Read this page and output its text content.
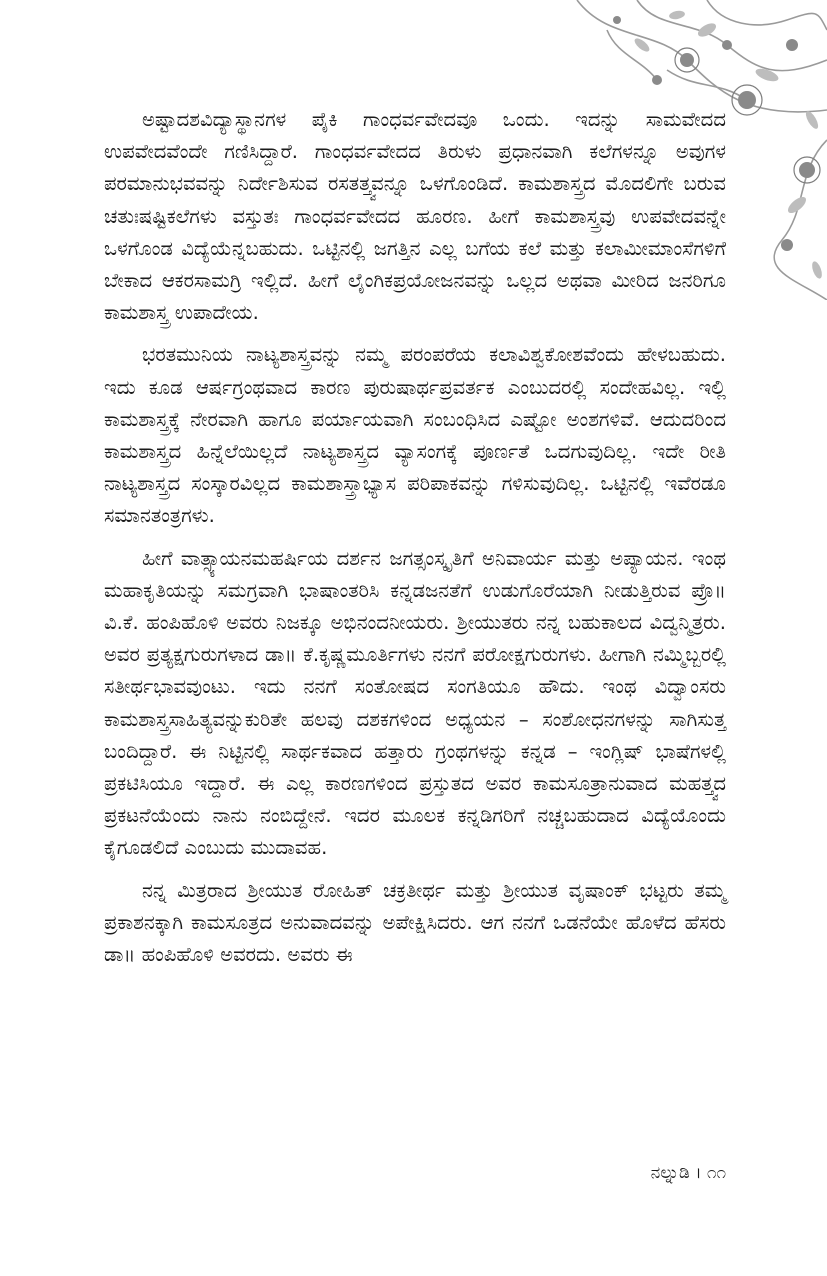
ಅಷ್ಟಾದಶವಿದ್ಯಾಸ್ಥಾನಗಳ ಪೈಕಿ ಗಾಂಧರ್ವವೇದವೂ ಒಂದು. ಇದನ್ನು ಸಾಮವೇದದ ಉಪವೇದವೆಂದೇ ಗಣಿಸಿದ್ದಾರೆ. ಗಾಂಧರ್ವವೇದದ ತಿರುಳು ಪ್ರಧಾನವಾಗಿ ಕಲೆಗಳನ್ನೂ ಅವುಗಳ ಪರಮಾನುಭವವನ್ನು ನಿರ್ದೇಶಿಸುವ ರಸತತ್ತ್ವವನ್ನೂ ಒಳಗೊಂಡಿದೆ. ಕಾಮಶಾಸ್ತ್ರದ ಮೊದಲಿಗೇ ಬರುವ ಚತುಃಷಷ್ಟಿಕಲೆಗಳು ವಸ್ತುತಃ ಗಾಂಧರ್ವವೇದದ ಹೂರಣ. ಹೀಗೆ ಕಾಮಶಾಸ್ತ್ರವು ಉಪವೇದವನ್ನೇ ಒಳಗೊಂಡ ವಿದ್ಯೆಯೆನ್ನಬಹುದು. ಒಟ್ಟಿನಲ್ಲಿ ಜಗತ್ತಿನ ಎಲ್ಲ ಬಗೆಯ ಕಲೆ ಮತ್ತು ಕಲಾಮೀಮಾಂಸೆಗಳಿಗೆ ಬೇಕಾದ ಆಕರಸಾಮಗ್ರಿ ಇಲ್ಲಿದೆ. ಹೀಗೆ ಲೈಂಗಿಕಪ್ರಯೋಜನವನ್ನು ಒಲ್ಲದ ಅಥವಾ ಮೀರಿದ ಜನರಿಗೂ ಕಾಮಶಾಸ್ತ್ರ ಉಪಾದೇಯ.

ಭರತಮುನಿಯ ನಾಟ್ಯಶಾಸ್ತ್ರವನ್ನು ನಮ್ಮ ಪರಂಪರೆಯ ಕಲಾವಿಶ್ವಕೋಶವೆಂದು ಹೇಳಬಹುದು. ಇದು ಕೂಡ ಆರ್ಷಗ್ರಂಥವಾದ ಕಾರಣ ಪುರುಷಾರ್ಥಪ್ರವರ್ತಕ ಎಂಬುದರಲ್ಲಿ ಸಂದೇಹವಿಲ್ಲ. ಇಲ್ಲಿ ಕಾಮಶಾಸ್ತ್ರಕ್ಕೆ ನೇರವಾಗಿ ಹಾಗೂ ಪರ್ಯಾಯವಾಗಿ ಸಂಬಂಧಿಸಿದ ಎಷ್ಟೋ ಅಂಶಗಳಿವೆ. ಆದುದರಿಂದ ಕಾಮಶಾಸ್ತ್ರದ ಹಿನ್ನೆಲೆಯಿಲ್ಲದೆ ನಾಟ್ಯಶಾಸ್ತ್ರದ ವ್ಯಾಸಂಗಕ್ಕೆ ಪೂರ್ಣತೆ ಒದಗುವುದಿಲ್ಲ. ಇದೇ ರೀತಿ ನಾಟ್ಯಶಾಸ್ತ್ರದ ಸಂಸ್ಕಾರವಿಲ್ಲದ ಕಾಮಶಾಸ್ತ್ರಾಭ್ಯಾಸ ಪರಿಪಾಕವನ್ನು ಗಳಿಸುವುದಿಲ್ಲ. ಒಟ್ಟಿನಲ್ಲಿ ಇವೆರಡೂ ಸಮಾನತಂತ್ರಗಳು.

ಹೀಗೆ ವಾತ್ಸ್ಯಾಯನಮಹರ್ಷಿಯ ದರ್ಶನ ಜಗತ್ಸಂಸ್ಕೃತಿಗೆ ಅನಿವಾರ್ಯ ಮತ್ತು ಅಪ್ಯಾಯನ. ಇಂಥ ಮಹಾಕೃತಿಯನ್ನು ಸಮಗ್ರವಾಗಿ ಭಾಷಾಂತರಿಸಿ ಕನ್ನಡಜನತೆಗೆ ಉಡುಗೊರೆಯಾಗಿ ನೀಡುತ್ತಿರುವ ಪ್ರೊ॥ ವಿ.ಕೆ. ಹಂಪಿಹೊಳಿ ಅವರು ನಿಜಕ್ಕೂ ಅಭಿನಂದನೀಯರು. ಶ್ರೀಯುತರು ನನ್ನ ಬಹುಕಾಲದ ವಿದ್ವನ್ಮಿತ್ರರು. ಅವರ ಪ್ರತ್ಯಕ್ಷಗುರುಗಳಾದ ಡಾ॥ ಕೆ.ಕೃಷ್ಣಮೂರ್ತಿಗಳು ನನಗೆ ಪರೋಕ್ಷಗುರುಗಳು. ಹೀಗಾಗಿ ನಮ್ಮಿಬ್ಬರಲ್ಲಿ ಸತೀರ್ಥಭಾವವುಂಟು. ಇದು ನನಗೆ ಸಂತೋಷದ ಸಂಗತಿಯೂ ಹೌದು. ಇಂಥ ವಿದ್ವಾಂಸರು ಕಾಮಶಾಸ್ತ್ರಸಾಹಿತ್ಯವನ್ನುಕುರಿತೇ ಹಲವು ದಶಕಗಳಿಂದ ಅಧ್ಯಯನ – ಸಂಶೋಧನಗಳನ್ನು ಸಾಗಿಸುತ್ತ ಬಂದಿದ್ದಾರೆ. ಈ ನಿಟ್ಟಿನಲ್ಲಿ ಸಾರ್ಥಕವಾದ ಹತ್ತಾರು ಗ್ರಂಥಗಳನ್ನು ಕನ್ನಡ – ಇಂಗ್ಲಿಷ್ ಭಾಷೆಗಳಲ್ಲಿ ಪ್ರಕಟಿಸಿಯೂ ಇದ್ದಾರೆ. ಈ ಎಲ್ಲ ಕಾರಣಗಳಿಂದ ಪ್ರಸ್ತುತದ ಅವರ ಕಾಮಸೂತ್ರಾನುವಾದ ಮಹತ್ತ್ವದ ಪ್ರಕಟನೆಯೆಂದು ನಾನು ನಂಬಿದ್ದೇನೆ. ಇದರ ಮೂಲಕ ಕನ್ನಡಿಗರಿಗೆ ನಚ್ಚಬಹುದಾದ ವಿದ್ಯೆಯೊಂದು ಕೈಗೂಡಲಿದೆ ಎಂಬುದು ಮುದಾವಹ.

ನನ್ನ ಮಿತ್ರರಾದ ಶ್ರೀಯುತ ರೋಹಿತ್ ಚಕ್ರತೀರ್ಥ ಮತ್ತು ಶ್ರೀಯುತ ವೃಷಾಂಕ್ ಭಟ್ಟರು ತಮ್ಮ ಪ್ರಕಾಶನಕ್ಕಾಗಿ ಕಾಮಸೂತ್ರದ ಅನುವಾದವನ್ನು ಅಪೇಕ್ಷಿಸಿದರು. ಆಗ ನನಗೆ ಒಡನೆಯೇ ಹೊಳೆದ ಹೆಸರು ಡಾ॥ ಹಂಪಿಹೊಳಿ ಅವರದು. ಅವರು ಈ

ನಲ್ನುಡಿ । ೧೧
